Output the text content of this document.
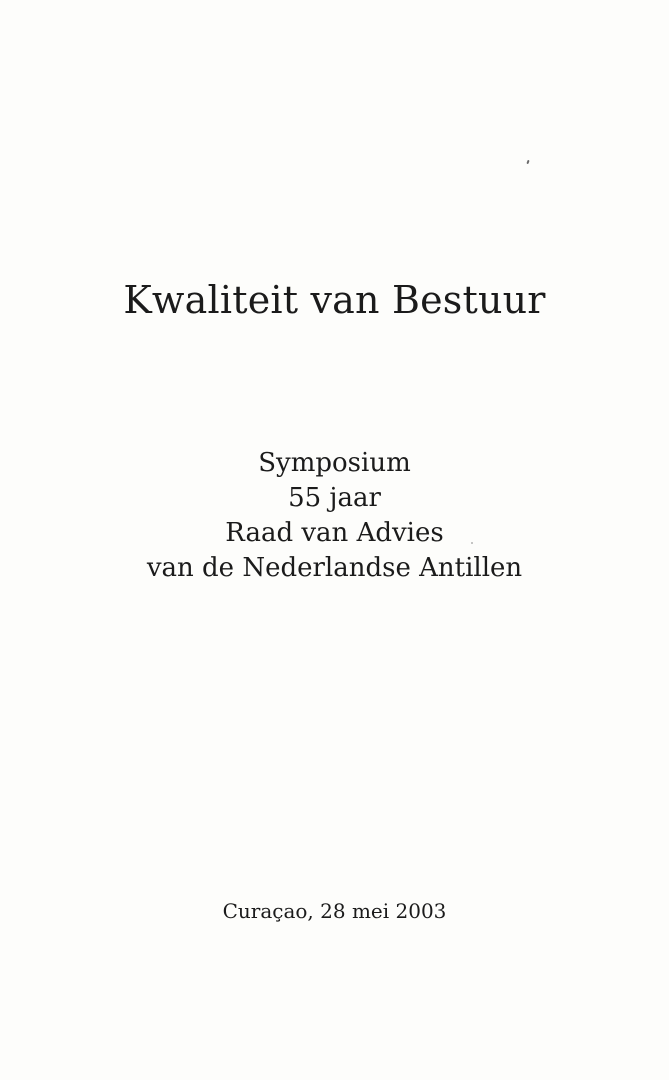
Kwaliteit van Bestuur
Symposium
55 jaar
Raad van Advies
van de Nederlandse Antillen
Curaçao, 28 mei 2003
